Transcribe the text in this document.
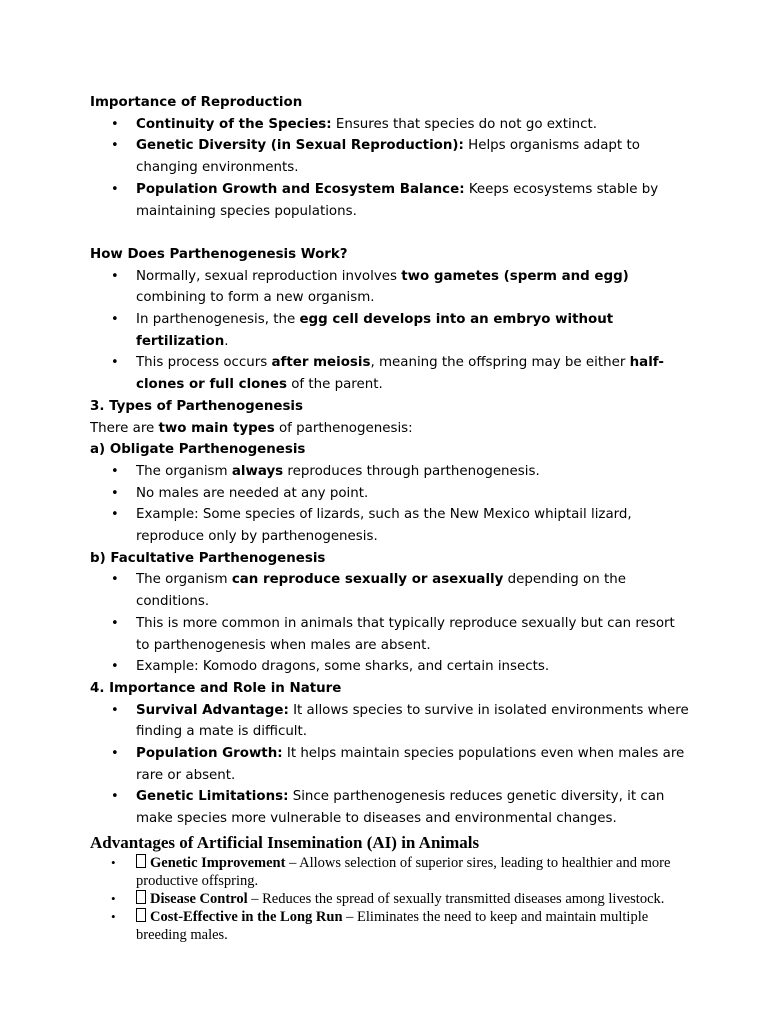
Importance of Reproduction

• Continuity of the Species: Ensures that species do not go extinct.
• Genetic Diversity (in Sexual Reproduction): Helps organisms adapt to changing environments.
• Population Growth and Ecosystem Balance: Keeps ecosystems stable by maintaining species populations.

How Does Parthenogenesis Work?

• Normally, sexual reproduction involves two gametes (sperm and egg) combining to form a new organism.
• In parthenogenesis, the egg cell develops into an embryo without fertilization.
• This process occurs after meiosis, meaning the offspring may be either half-clones or full clones of the parent.

3. Types of Parthenogenesis

There are two main types of parthenogenesis:

a) Obligate Parthenogenesis

• The organism always reproduces through parthenogenesis.
• No males are needed at any point.
• Example: Some species of lizards, such as the New Mexico whiptail lizard, reproduce only by parthenogenesis.

b) Facultative Parthenogenesis

• The organism can reproduce sexually or asexually depending on the conditions.
• This is more common in animals that typically reproduce sexually but can resort to parthenogenesis when males are absent.
• Example: Komodo dragons, some sharks, and certain insects.

4. Importance and Role in Nature

• Survival Advantage: It allows species to survive in isolated environments where finding a mate is difficult.
• Population Growth: It helps maintain species populations even when males are rare or absent.
• Genetic Limitations: Since parthenogenesis reduces genetic diversity, it can make species more vulnerable to diseases and environmental changes.

Advantages of Artificial Insemination (AI) in Animals

• Genetic Improvement – Allows selection of superior sires, leading to healthier and more productive offspring.
• Disease Control – Reduces the spread of sexually transmitted diseases among livestock.
• Cost-Effective in the Long Run – Eliminates the need to keep and maintain multiple breeding males.
